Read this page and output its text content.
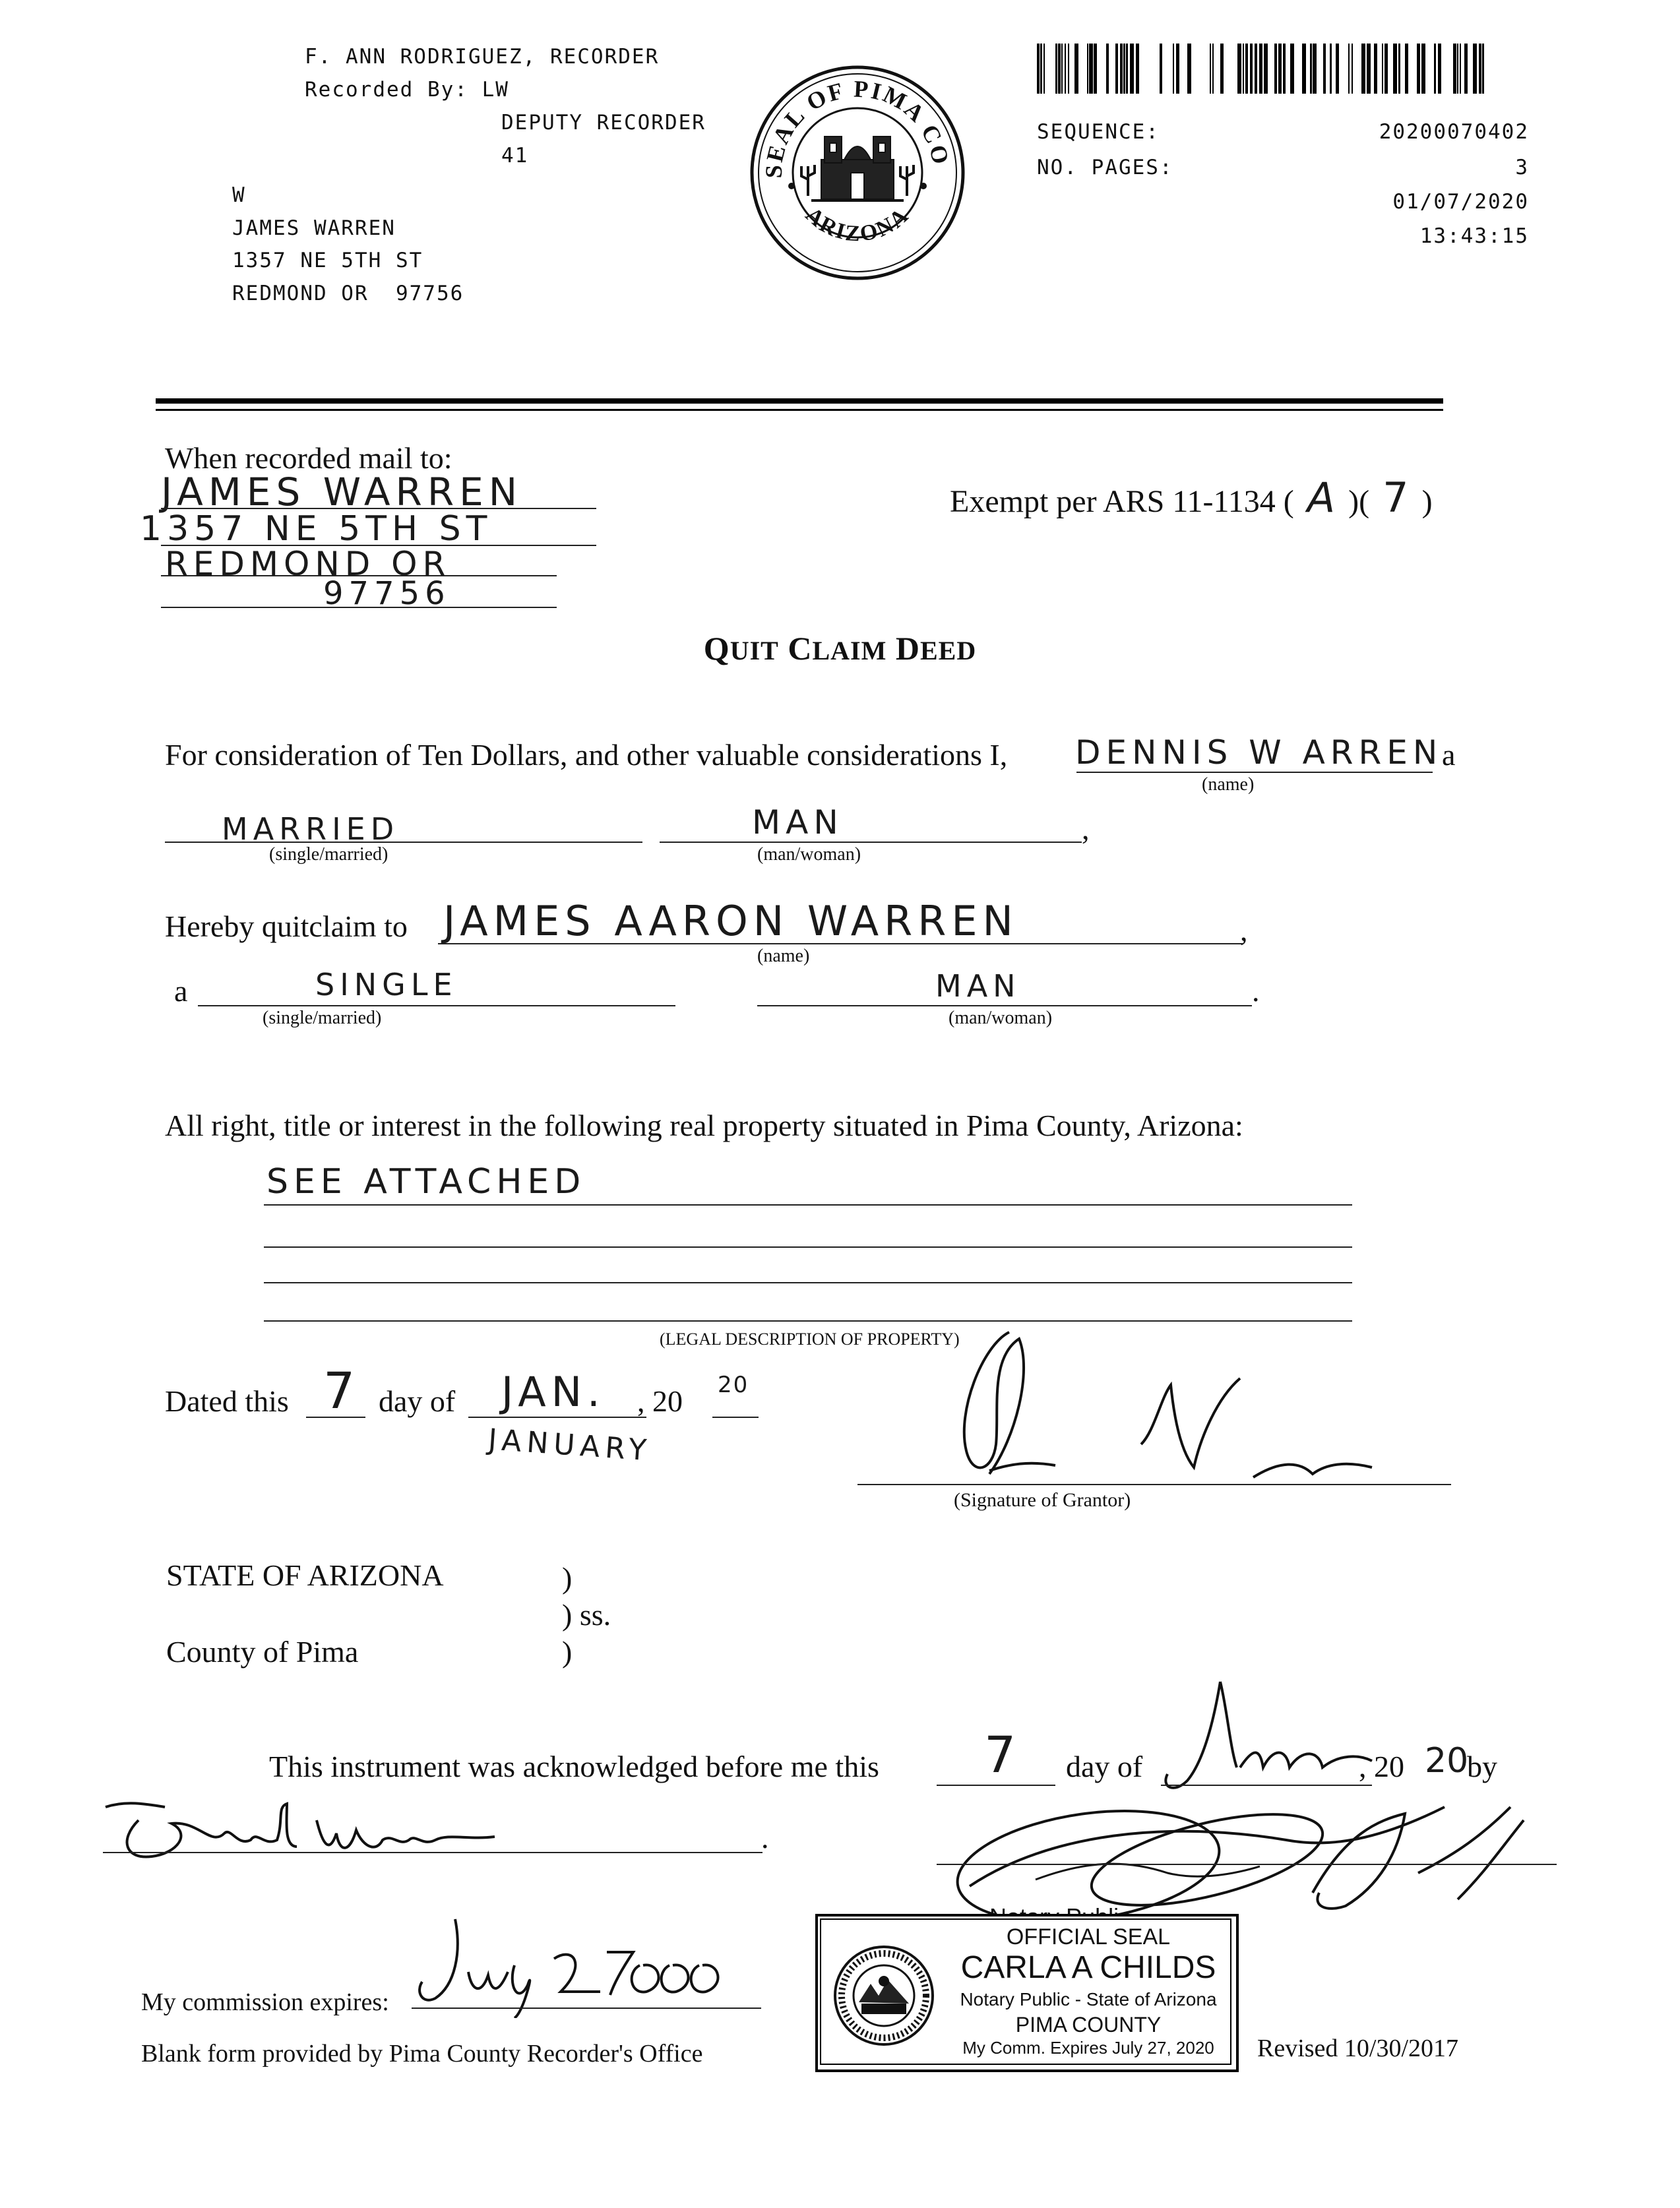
F. ANN RODRIGUEZ, RECORDER
Recorded By: LW
DEPUTY RECORDER
41
W
JAMES WARREN
1357 NE 5TH ST
REDMOND OR  97756
SEAL OF PIMA CO
ARIZONA
SEQUENCE:	20200070402
NO. PAGES:	3
01/07/2020
13:43:15
When recorded mail to:
JAMES WARREN
1357 NE 5TH ST
REDMOND OR
97756
Exempt per ARS 11-1134 ( A )( 7 )
QUIT CLAIM DEED
For consideration of Ten Dollars, and other valuable considerations I, DENNIS W ARREN
a
(name)
MARRIED
(single/married)
MAN	,
(man/woman)
Hereby quitclaim to JAMES AARON WARREN	,
(name)
a	SINGLE
(single/married)
MAN	.
(man/woman)
All right, title or interest in the following real property situated in Pima County, Arizona:
SEE ATTACHED
(LEGAL DESCRIPTION OF PROPERTY)
Dated this 7 day of JAN. , 20 20
JANUARY
(Signature of Grantor)
STATE OF ARIZONA	)
) ss.
County of Pima	)
This instrument was acknowledged before me this 7 day of	, 20 20
by
.
OFFICIAL SEAL
CARLA A CHILDS
Notary Public - State of Arizona
PIMA COUNTY
My Comm. Expires July 27, 2020
My commission expires:
Blank form provided by Pima County Recorder's Office	Revised 10/30/2017
